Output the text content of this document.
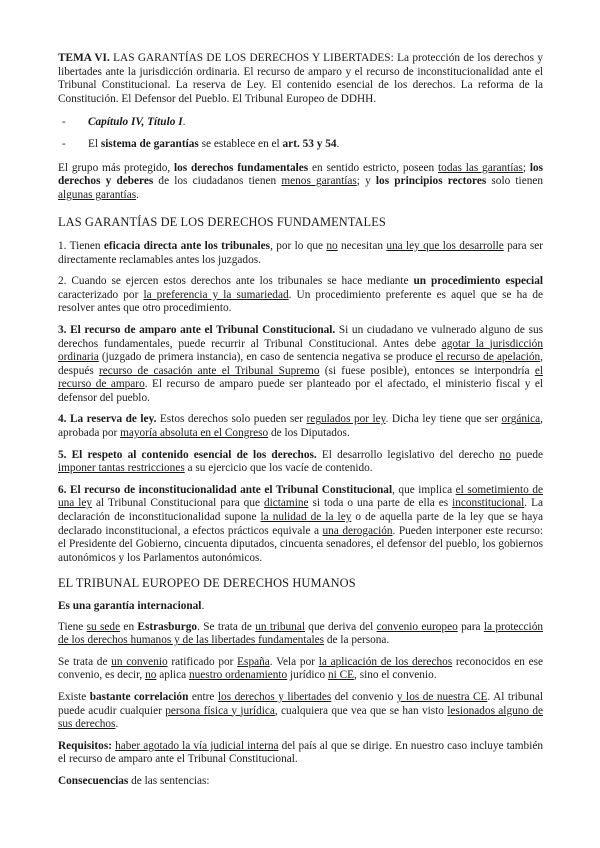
TEMA VI. LAS GARANTÍAS DE LOS DERECHOS Y LIBERTADES: La protección de los derechos y libertades ante la jurisdicción ordinaria. El recurso de amparo y el recurso de inconstitucionalidad ante el Tribunal Constitucional. La reserva de Ley. El contenido esencial de los derechos. La reforma de la Constitución. El Defensor del Pueblo. El Tribunal Europeo de DDHH.

- Capítulo IV, Título I.
- El sistema de garantías se establece en el art. 53 y 54.

El grupo más protegido, los derechos fundamentales en sentido estricto, poseen todas las garantías; los derechos y deberes de los ciudadanos tienen menos garantías; y los principios rectores solo tienen algunas garantías.

LAS GARANTÍAS DE LOS DERECHOS FUNDAMENTALES

1. Tienen eficacia directa ante los tribunales, por lo que no necesitan una ley que los desarrolle para ser directamente reclamables antes los juzgados.

2. Cuando se ejercen estos derechos ante los tribunales se hace mediante un procedimiento especial caracterizado por la preferencia y la sumariedad. Un procedimiento preferente es aquel que se ha de resolver antes que otro procedimiento.

3. El recurso de amparo ante el Tribunal Constitucional. Si un ciudadano ve vulnerado alguno de sus derechos fundamentales, puede recurrir al Tribunal Constitucional. Antes debe agotar la jurisdicción ordinaria (juzgado de primera instancia), en caso de sentencia negativa se produce el recurso de apelación, después recurso de casación ante el Tribunal Supremo (si fuese posible), entonces se interpondría el recurso de amparo. El recurso de amparo puede ser planteado por el afectado, el ministerio fiscal y el defensor del pueblo.

4. La reserva de ley. Estos derechos solo pueden ser regulados por ley. Dicha ley tiene que ser orgánica, aprobada por mayoría absoluta en el Congreso de los Diputados.

5. El respeto al contenido esencial de los derechos. El desarrollo legislativo del derecho no puede imponer tantas restricciones a su ejercicio que los vacíe de contenido.

6. El recurso de inconstitucionalidad ante el Tribunal Constitucional, que implica el sometimiento de una ley al Tribunal Constitucional para que dictamine si toda o una parte de ella es inconstitucional. La declaración de inconstitucionalidad supone la nulidad de la ley o de aquella parte de la ley que se haya declarado inconstitucional, a efectos prácticos equivale a una derogación. Pueden interponer este recurso: el Presidente del Gobierno, cincuenta diputados, cincuenta senadores, el defensor del pueblo, los gobiernos autonómicos y los Parlamentos autonómicos.

EL TRIBUNAL EUROPEO DE DERECHOS HUMANOS

Es una garantía internacional.

Tiene su sede en Estrasburgo. Se trata de un tribunal que deriva del convenio europeo para la protección de los derechos humanos y de las libertades fundamentales de la persona.

Se trata de un convenio ratificado por España. Vela por la aplicación de los derechos reconocidos en ese convenio, es decir, no aplica nuestro ordenamiento jurídico ni CE, sino el convenio.

Existe bastante correlación entre los derechos y libertades del convenio y los de nuestra CE. Al tribunal puede acudir cualquier persona física y jurídica, cualquiera que vea que se han visto lesionados alguno de sus derechos.

Requisitos: haber agotado la vía judicial interna del país al que se dirige. En nuestro caso incluye también el recurso de amparo ante el Tribunal Constitucional.

Consecuencias de las sentencias:
